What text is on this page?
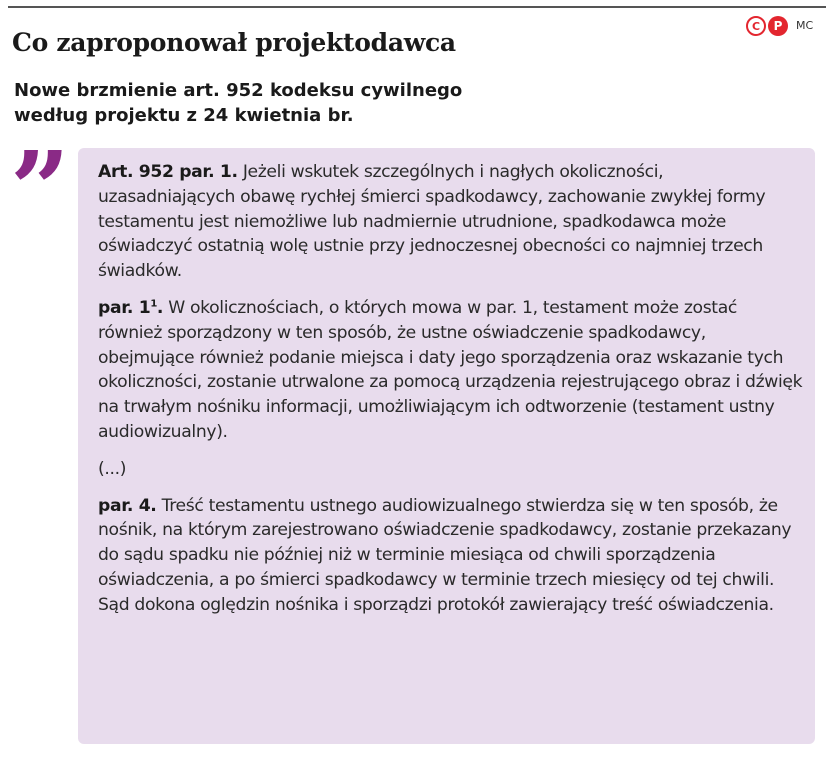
C	P	MC
Co zaproponował projektodawca
Nowe brzmienie art. 952 kodeksu cywilnego
według projektu z 24 kwietnia br.
” Art. 952 par. 1. Jeżeli wskutek szczególnych i nagłych okoliczności, uzasadniających obawę rychłej śmierci spadkodawcy, zachowanie zwykłej formy testamentu jest niemożliwe lub nadmiernie utrudnione, spadkodawca może oświadczyć ostatnią wolę ustnie przy jednoczesnej obecności co najmniej trzech świadków.

par. $1^1$. W okolicznościach, o których mowa w par. 1, testament może zostać również sporządzony w ten sposób, że ustne oświadczenie spadkodawcy, obejmujące również podanie miejsca i daty jego sporządzenia oraz wskazanie tych okoliczności, zostanie utrwalone za pomocą urządzenia rejestrującego obraz i dźwięk na trwałym nośniku informacji, umożliwiającym ich odtworzenie (testament ustny audiowizualny).

(...)

par. 4. Treść testamentu ustnego audiowizualnego stwierdza się w ten sposób, że nośnik, na którym zarejestrowano oświadczenie spadkodawcy, zostanie przekazany do sądu spadku nie później niż w terminie miesiąca od chwili sporządzenia oświadczenia, a po śmierci spadkodawcy w terminie trzech miesięcy od tej chwili. Sąd dokona oględzin nośnika i sporządzi protokół zawierający treść oświadczenia.
